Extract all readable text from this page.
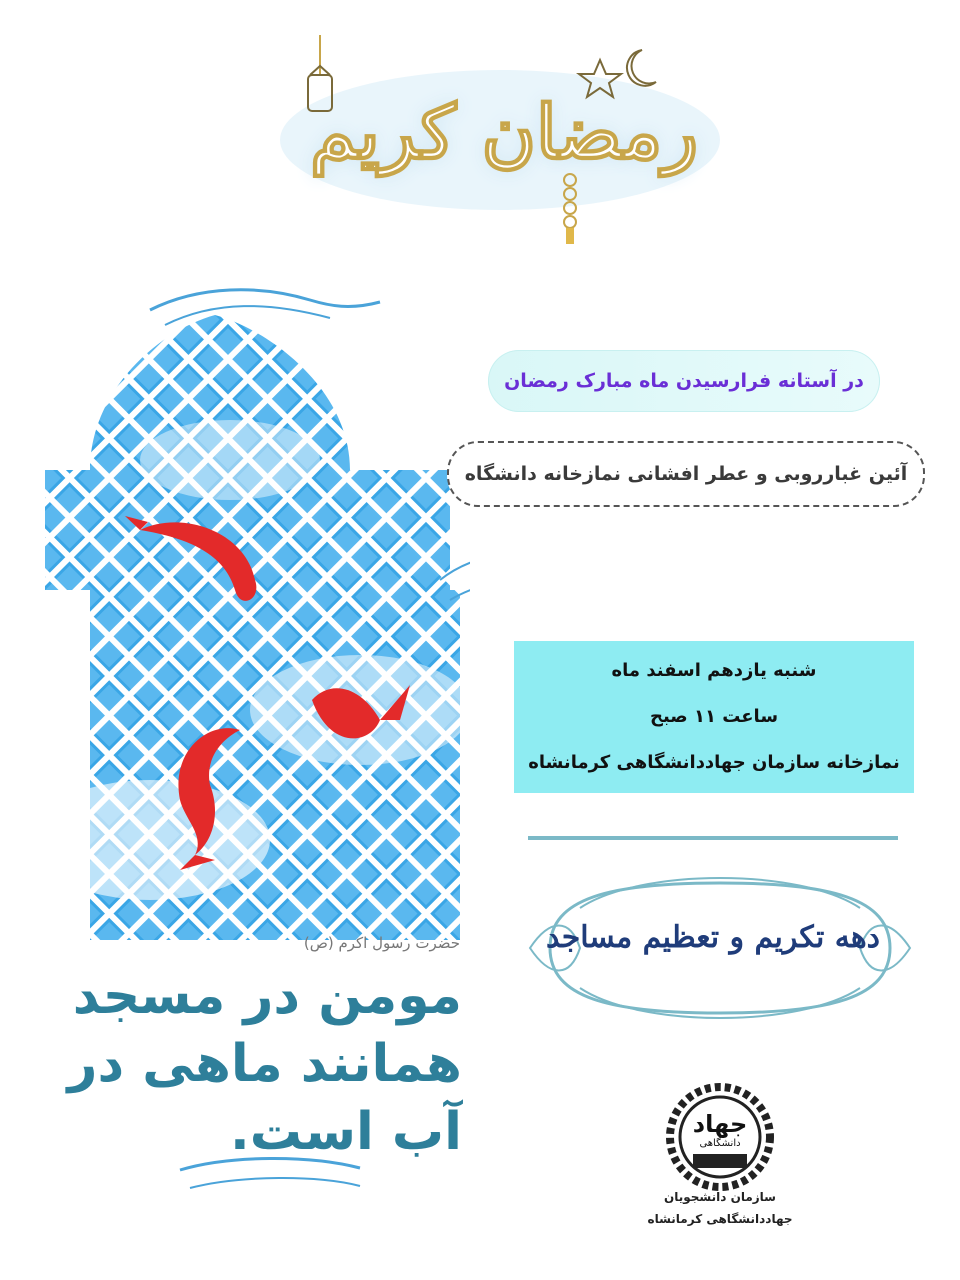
رمضان کریم
در آستانه فرارسیدن ماه مبارک رمضان
آئین غبارروبی و عطر افشانی نمازخانه دانشگاه
شنبه یازدهم اسفند ماه
ساعت ۱۱ صبح
نمازخانه سازمان جهاددانشگاهی کرمانشاه
دهه تکریم و تعظیم مساجد
حضرت رسول اکرم (ص)
مومن در مسجد
همانند ماهی در
آب است.	جهاد
دانشگاهی
سازمان دانشجویان
جهاددانشگاهی کرمانشاه
